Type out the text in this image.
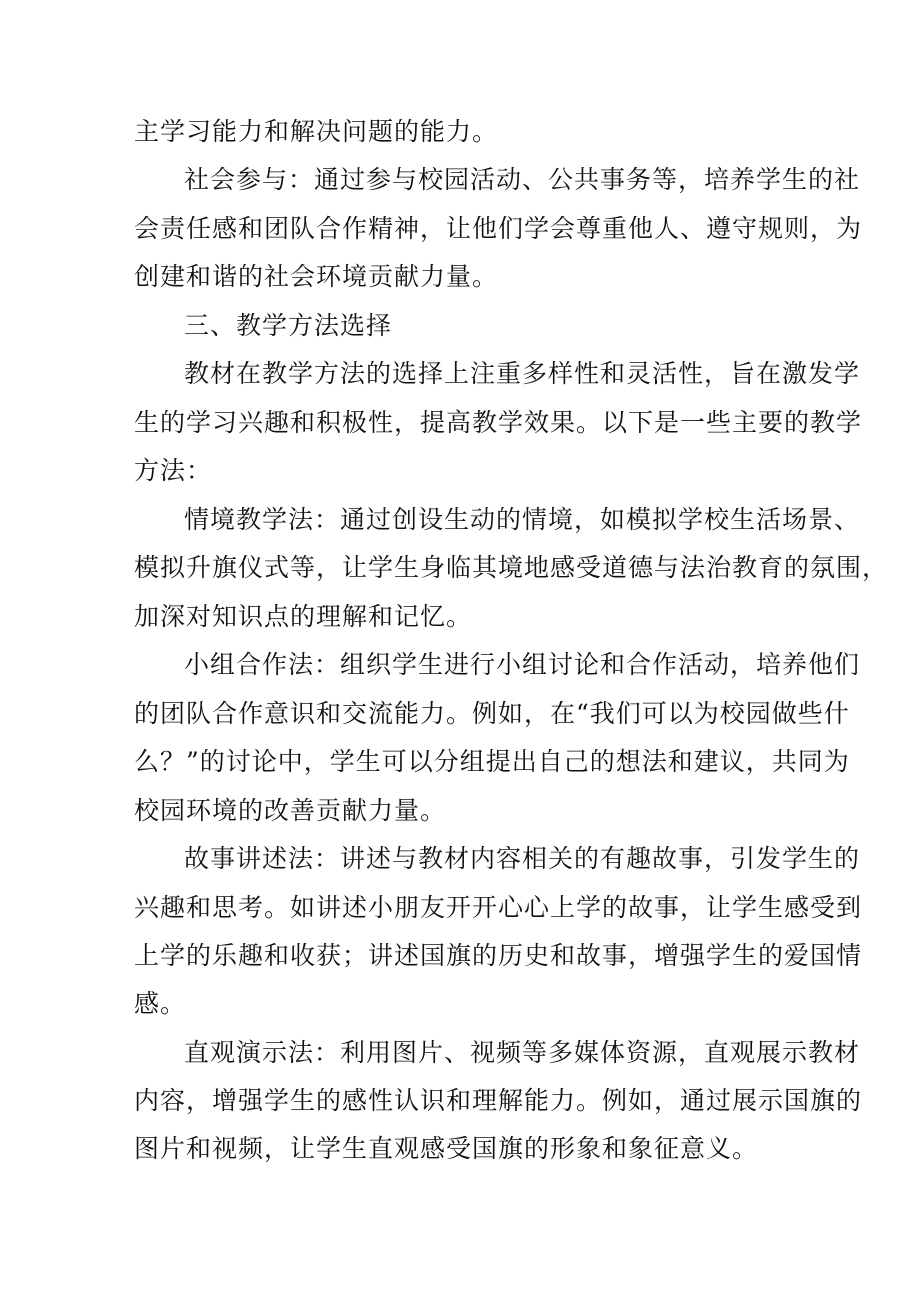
主学习能力和解决问题的能力。
社会参与：通过参与校园活动、公共事务等，培养学生的社
会责任感和团队合作精神，让他们学会尊重他人、遵守规则，为
创建和谐的社会环境贡献力量。
三、教学方法选择
教材在教学方法的选择上注重多样性和灵活性，旨在激发学
生的学习兴趣和积极性，提高教学效果。以下是一些主要的教学
方法：
情境教学法：通过创设生动的情境，如模拟学校生活场景、
模拟升旗仪式等，让学生身临其境地感受道德与法治教育的氛围，
加深对知识点的理解和记忆。
小组合作法：组织学生进行小组讨论和合作活动，培养他们
的团队合作意识和交流能力。例如，在“我们可以为校园做些什
么？”的讨论中，学生可以分组提出自己的想法和建议，共同为
校园环境的改善贡献力量。
故事讲述法：讲述与教材内容相关的有趣故事，引发学生的
兴趣和思考。如讲述小朋友开开心心上学的故事，让学生感受到
上学的乐趣和收获；讲述国旗的历史和故事，增强学生的爱国情
感。
直观演示法：利用图片、视频等多媒体资源，直观展示教材
内容，增强学生的感性认识和理解能力。例如，通过展示国旗的
图片和视频，让学生直观感受国旗的形象和象征意义。
